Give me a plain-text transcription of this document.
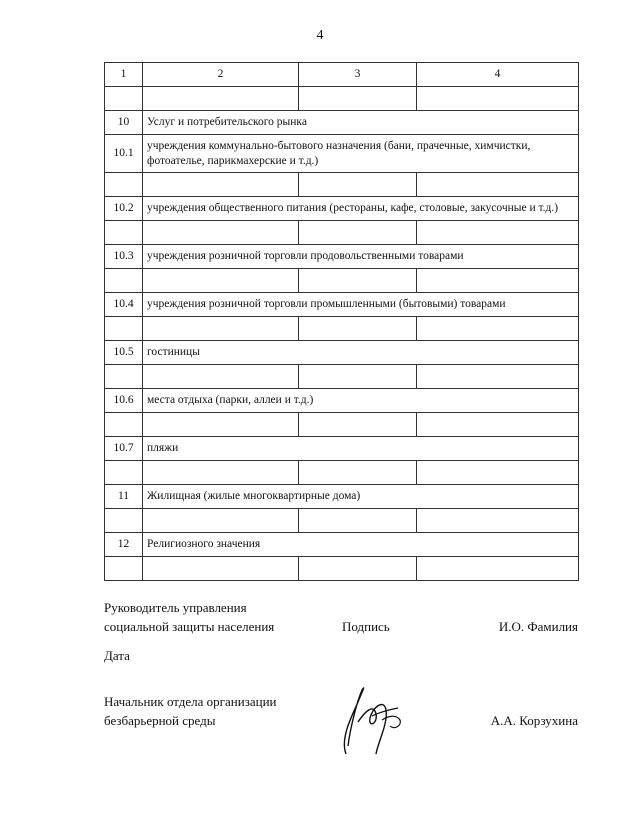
4
1	2	3	4

10	Услуг и потребительского рынка		
10.1	учреждения коммунально-бытового назначения (бани, прачечные, химчистки, фотоателье, парикмахерские и т.д.)		

10.2	учреждения общественного питания (рестораны, кафе, столовые, закусочные и т.д.)		

10.3	учреждения розничной торговли продовольственными товарами		

10.4	учреждения розничной торговли промышленными (бытовыми) товарами		

10.5	гостиницы		

10.6	места отдыха (парки, аллеи и т.д.)		

10.7	пляжи		

11	Жилищная (жилые многоквартирные дома)		

12	Религиозного значения		

Руководитель управления
социальной защиты населения	Подпись	И.О. Фамилия
Дата
Начальник отдела организации
безбарьерной среды	А.А. Корзухина
